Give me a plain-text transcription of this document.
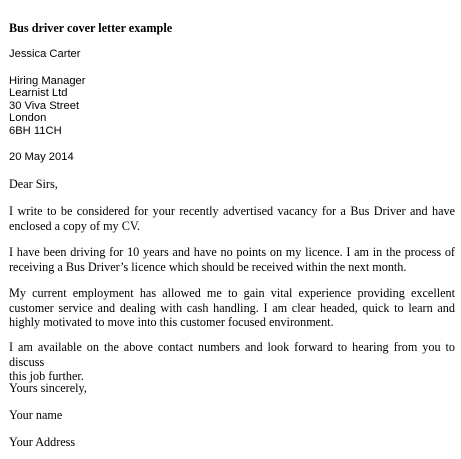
Bus driver cover letter example
Jessica Carter
Hiring Manager
Learnist Ltd
30 Viva Street
London
6BH 11CH
20 May 2014
Dear Sirs,
I write to be considered for your recently advertised vacancy for a Bus Driver and have
enclosed a copy of my CV.
I have been driving for 10 years and have no points on my licence. I am in the process of
receiving a Bus Driver’s licence which should be received within the next month.
My current employment has allowed me to gain vital experience providing excellent
customer service and dealing with cash handling. I am clear headed, quick to learn and
highly motivated to move into this customer focused environment.
I am available on the above contact numbers and look forward to hearing from you to discuss
this job further.
Yours sincerely,
Your name
Your Address
